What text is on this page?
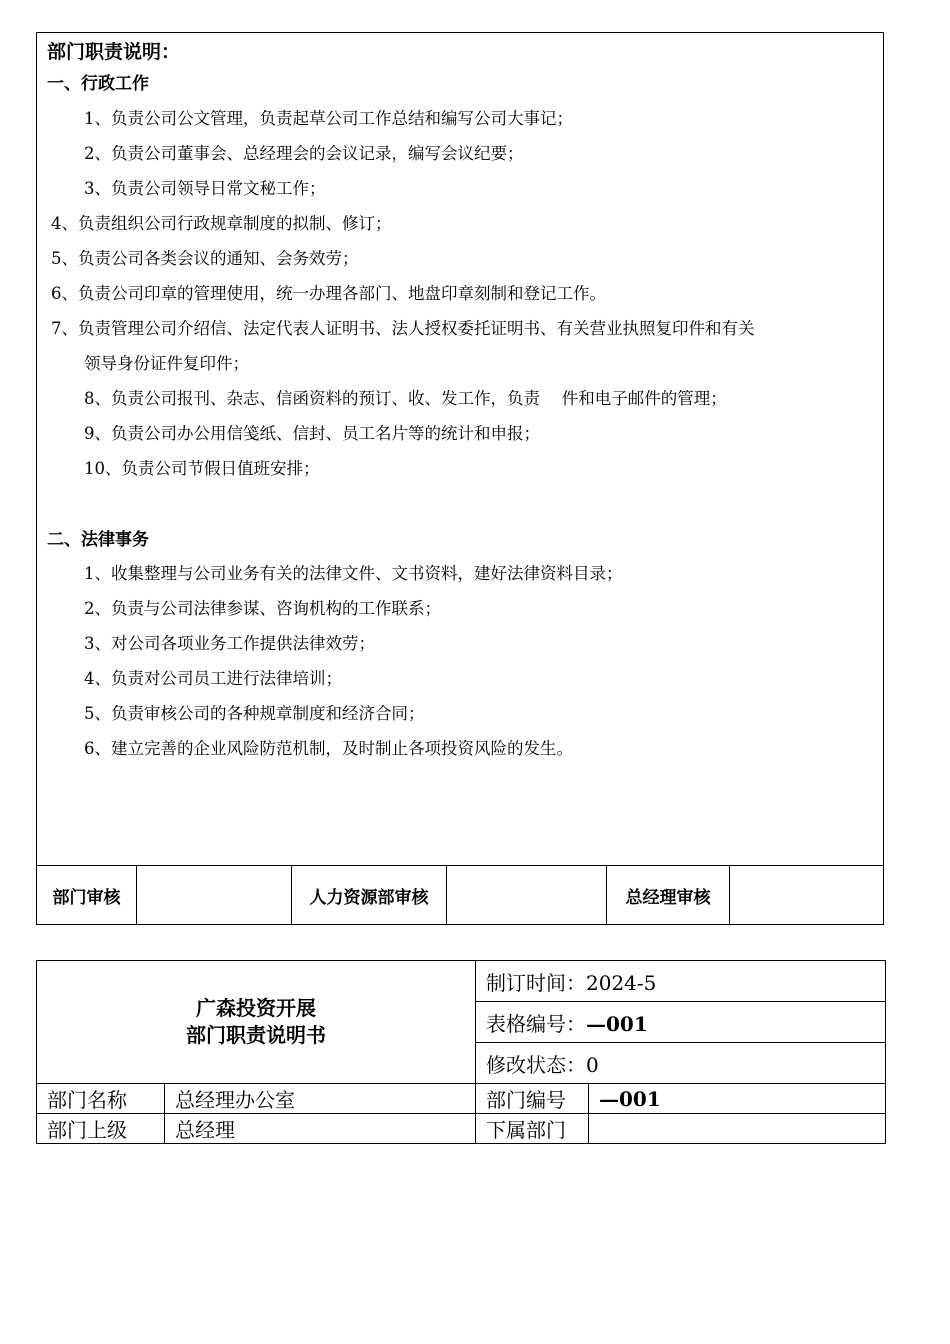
部门职责说明：
一、行政工作
1、负责公司公文管理，负责起草公司工作总结和编写公司大事记；
2、负责公司董事会、总经理会的会议记录，编写会议纪要；
3、负责公司领导日常文秘工作；
4、负责组织公司行政规章制度的拟制、修订；
5、负责公司各类会议的通知、会务效劳；
6、负责公司印章的管理使用，统一办理各部门、地盘印章刻制和登记工作。
7、负责管理公司介绍信、法定代表人证明书、法人授权委托证明书、有关营业执照复印件和有关
领导身份证件复印件；
8、负责公司报刊、杂志、信函资料的预订、收、发工作，负责　 件和电子邮件的管理；
9、负责公司办公用信笺纸、信封、员工名片等的统计和申报；
10、负责公司节假日值班安排；
二、法律事务
1、收集整理与公司业务有关的法律文件、文书资料，建好法律资料目录；
2、负责与公司法律参谋、咨询机构的工作联系；
3、对公司各项业务工作提供法律效劳；
4、负责对公司员工进行法律培训；
5、负责审核公司的各种规章制度和经济合同；
6、建立完善的企业风险防范机制，及时制止各项投资风险的发生。
部门审核	人力资源部审核	总经理审核
广森投资开展
部门职责说明书		制订时间：2024-5	
		表格编号：—001	
		修改状态：0	
部门名称	总经理办公室	部门编号	—001
部门上级	总经理	下属部门	
